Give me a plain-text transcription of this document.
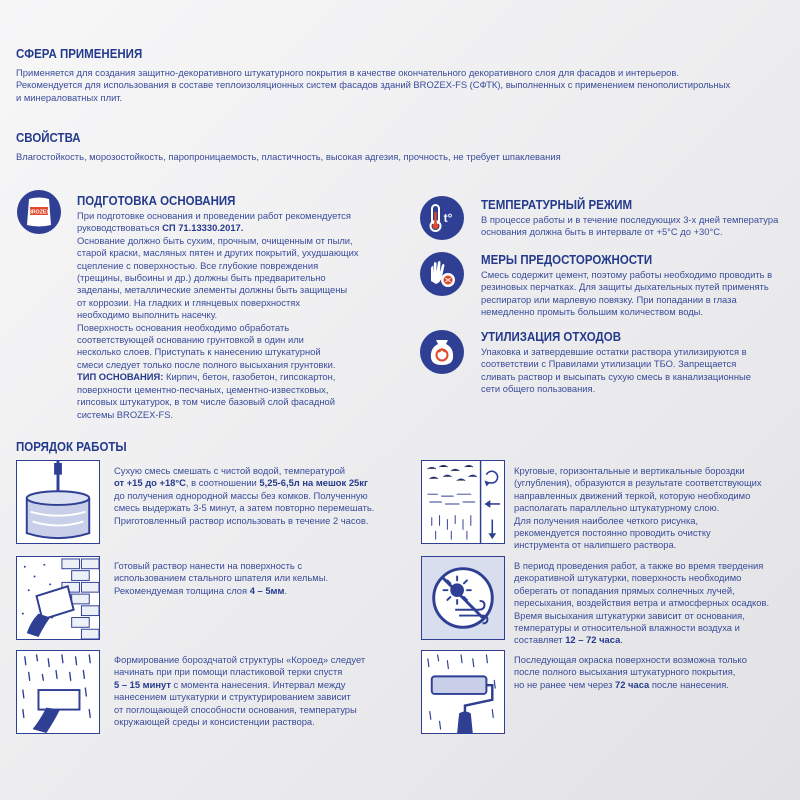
СФЕРА ПРИМЕНЕНИЯ
Применяется для создания защитно-декоративного штукатурного покрытия в качестве окончательного декоративного слоя для фасадов и интерьеров.
Рекомендуется для использования в составе теплоизоляционных систем фасадов зданий BROZEX-FS (СФТК), выполненных с применением пенополистирольных
и минераловатных плит.
СВОЙСТВА
Влагостойкость, морозостойкость, паропроницаемость, пластичность, высокая адгезия, прочность, не требует шпаклевания
BROZEX
ПОДГОТОВКА ОСНОВАНИЯ
При подготовке основания и проведении работ рекомендуется
руководствоваться СП 71.13330.2017.
Основание должно быть сухим, прочным, очищенным от пыли,
старой краски, масляных пятен и других покрытий, ухудшающих
сцепление с поверхностью. Все глубокие повреждения
(трещины, выбоины и др.) должны быть предварительно
заделаны, металлические элементы должны быть защищены
от коррозии. На гладких и глянцевых поверхностях
необходимо выполнить насечку.
Поверхность основания необходимо обработать
соответствующей основанию грунтовкой в один или
несколько слоев. Приступать к нанесению штукатурной
смеси следует только после полного высыхания грунтовки.
ТИП ОСНОВАНИЯ: Кирпич, бетон, газобетон, гипсокартон,
поверхности цементно-песчаных, цементно-известковых,
гипсовых штукатурок, в том числе базовый слой фасадной
системы BROZEX-FS.
t°
ТЕМПЕРАТУРНЫЙ РЕЖИМ
В процессе работы и в течение последующих 3-х дней температура
основания должна быть в интервале от +5°С до +30°С.
МЕРЫ ПРЕДОСТОРОЖНОСТИ
Смесь содержит цемент, поэтому работы необходимо проводить в
резиновых перчатках. Для защиты дыхательных путей применять
респиратор или марлевую повязку. При попадании в глаза
немедленно промыть большим количеством воды.
УТИЛИЗАЦИЯ ОТХОДОВ
Упаковка и затвердевшие остатки раствора утилизируются в
соответствии с Правилами утилизации ТБО. Запрещается
сливать раствор и высыпать сухую смесь в канализационные
сети общего пользования.
ПОРЯДОК РАБОТЫ
Сухую смесь смешать с чистой водой, температурой
от +15 до +18°С, в соотношении 5,25-6,5л на мешок 25кг
до получения однородной массы без комков. Полученную
смесь выдержать 3-5 минут, а затем повторно перемешать.
Приготовленный раствор использовать в течение 2 часов.
Готовый раствор нанести на поверхность с
использованием стального шпателя или кельмы.
Рекомендуемая толщина слоя 4 – 5мм.
Формирование бороздчатой структуры «Короед» следует
начинать при при помощи пластиковой терки спустя
5 – 15 минут с момента нанесения. Интервал между
нанесением штукатурки и структурированием зависит
от поглощающей способности основания, температуры
окружающей среды и консистенции раствора.
Круговые, горизонтальные и вертикальные бороздки
(углубления), образуются в результате соответствующих
направленных движений теркой, которую необходимо
располагать параллельно штукатурному слою.
Для получения наиболее четкого рисунка,
рекомендуется постоянно проводить очистку
инструмента от налипшего раствора.
В период проведения работ, а также во время твердения
декоративной штукатурки, поверхность необходимо
оберегать от попадания прямых солнечных лучей,
пересыхания, воздействия ветра и атмосферных осадков.
Время высыхания штукатурки зависит от основания,
температуры и относительной влажности воздуха и
составляет 12 – 72 часа.
Последующая окраска поверхности возможна только
после полного высыхания штукатурного покрытия,
но не ранее чем через 72 часа после нанесения.
